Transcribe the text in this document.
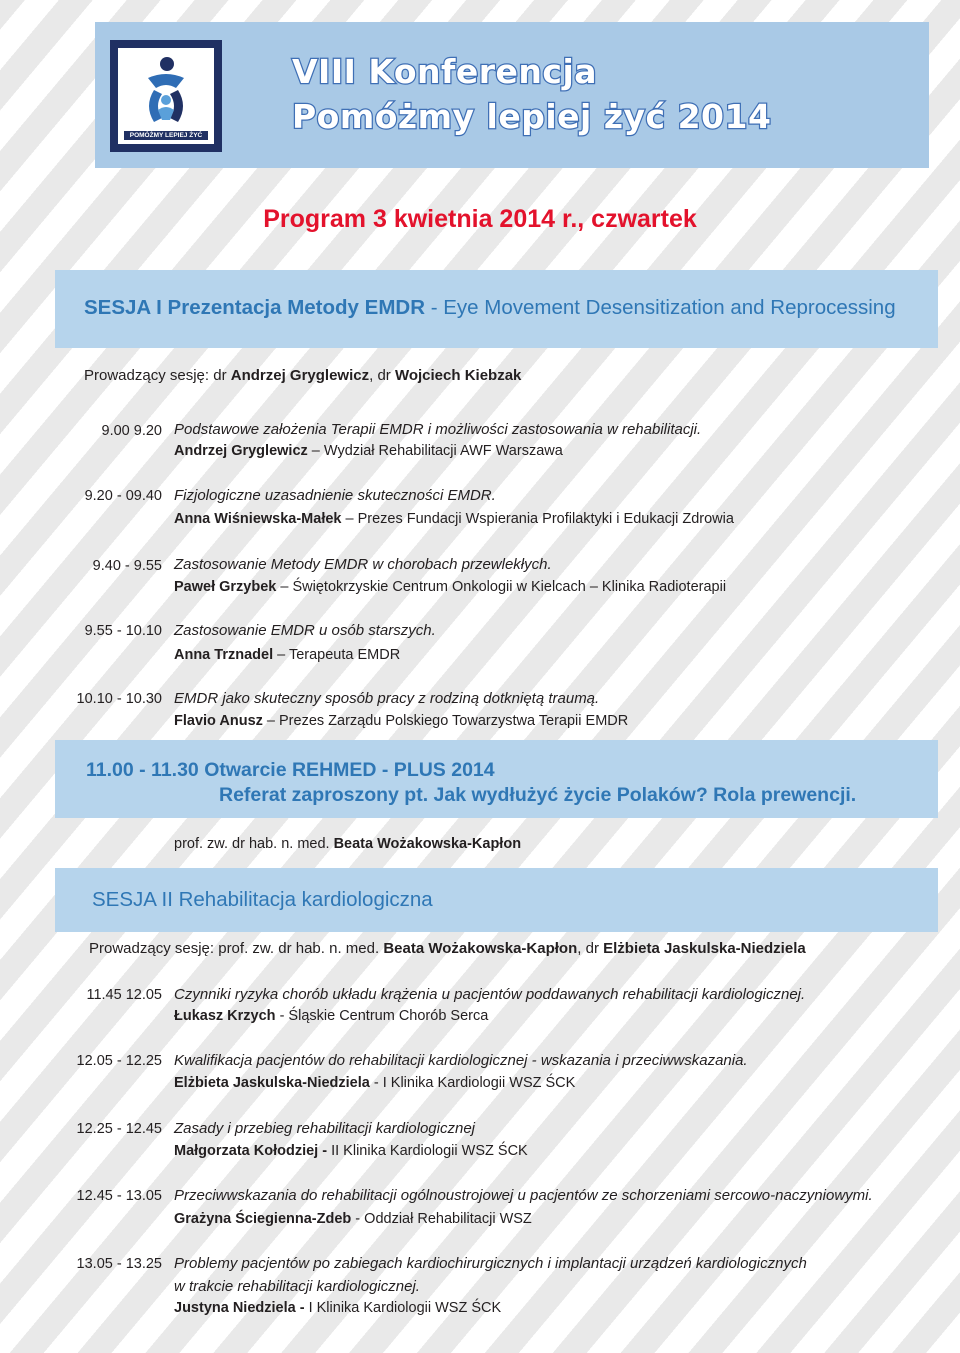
POMÓŻMY LEPIEJ ŻYĆ
VIII Konferencja
Pomóżmy lepiej żyć 2014
Program 3 kwietnia 2014 r., czwartek
SESJA I Prezentacja Metody EMDR - Eye Movement Desensitization and Reprocessing
Prowadzący sesję: dr Andrzej Gryglewicz, dr Wojciech Kiebzak
9.00 9.20 Podstawowe założenia Terapii EMDR i możliwości zastosowania w rehabilitacji.
Andrzej Gryglewicz – Wydział Rehabilitacji AWF Warszawa
9.20 - 09.40 Fizjologiczne uzasadnienie skuteczności EMDR.
Anna Wiśniewska-Małek – Prezes Fundacji Wspierania Profilaktyki i Edukacji Zdrowia
9.40 - 9.55 Zastosowanie Metody EMDR w chorobach przewlekłych.
Paweł Grzybek – Świętokrzyskie Centrum Onkologii w Kielcach – Klinika Radioterapii
9.55 - 10.10 Zastosowanie EMDR u osób starszych.
Anna Trznadel – Terapeuta EMDR
10.10 - 10.30 EMDR jako skuteczny sposób pracy z rodziną dotkniętą traumą.
Flavio Anusz – Prezes Zarządu Polskiego Towarzystwa Terapii EMDR
11.00 - 11.30 Otwarcie REHMED - PLUS 2014
Referat zaproszony pt. Jak wydłużyć życie Polaków? Rola prewencji.
prof. zw. dr hab. n. med. Beata Wożakowska-Kapłon
SESJA II Rehabilitacja kardiologiczna
Prowadzący sesję: prof. zw. dr hab. n. med. Beata Wożakowska-Kapłon, dr Elżbieta Jaskulska-Niedziela
11.45 12.05 Czynniki ryzyka chorób układu krążenia u pacjentów poddawanych rehabilitacji kardiologicznej.
Łukasz Krzych - Śląskie Centrum Chorób Serca
12.05 - 12.25 Kwalifikacja pacjentów do rehabilitacji kardiologicznej - wskazania i przeciwwskazania.
Elżbieta Jaskulska-Niedziela - I Klinika Kardiologii WSZ ŚCK
12.25 - 12.45 Zasady i przebieg rehabilitacji kardiologicznej
Małgorzata Kołodziej - II Klinika Kardiologii WSZ ŚCK
12.45 - 13.05 Przeciwwskazania do rehabilitacji ogólnoustrojowej u pacjentów ze schorzeniami sercowo-naczyniowymi.
Grażyna Ściegienna-Zdeb - Oddział Rehabilitacji WSZ
13.05 - 13.25 Problemy pacjentów po zabiegach kardiochirurgicznych i implantacji urządzeń kardiologicznych
w trakcie rehabilitacji kardiologicznej.
Justyna Niedziela - I Klinika Kardiologii WSZ ŚCK
